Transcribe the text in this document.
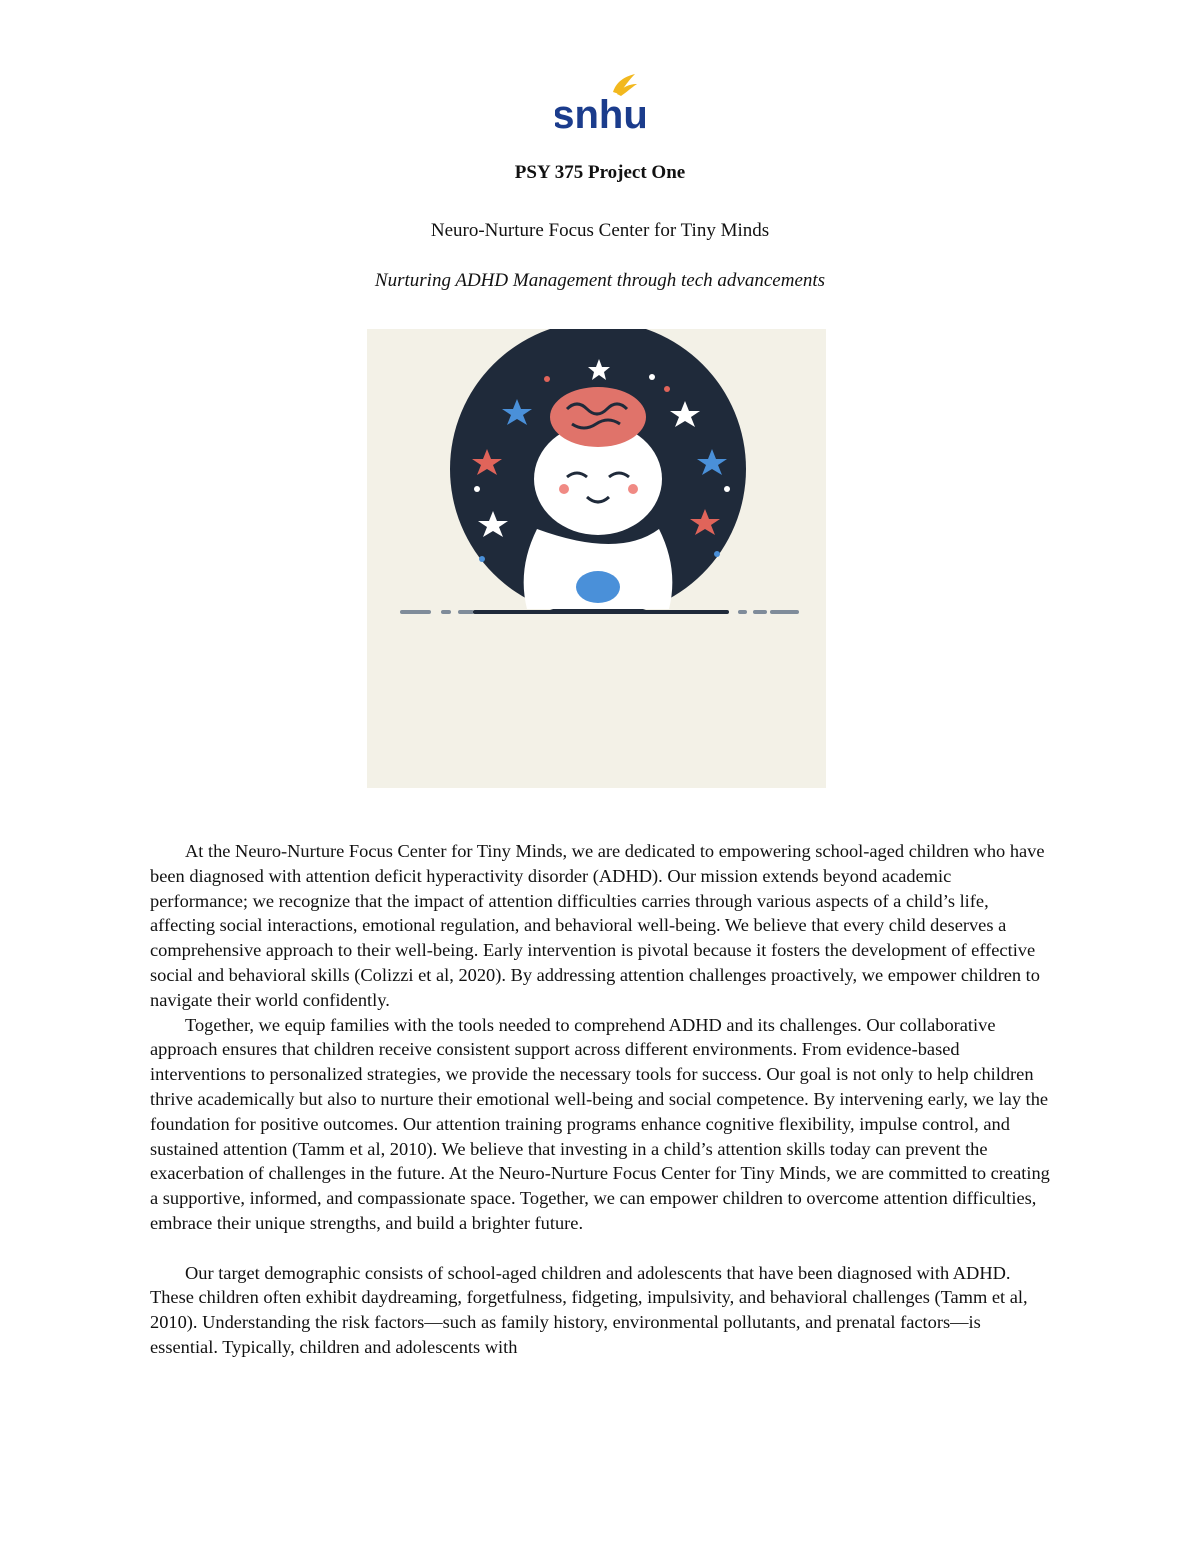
snhu
PSY 375 Project One
Neuro-Nurture Focus Center for Tiny Minds
Nurturing ADHD Management through tech advancements

At the Neuro-Nurture Focus Center for Tiny Minds, we are dedicated to empowering school-aged children who have been diagnosed with attention deficit hyperactivity disorder (ADHD). Our mission extends beyond academic performance; we recognize that the impact of attention difficulties carries through various aspects of a child’s life, affecting social interactions, emotional regulation, and behavioral well-being. We believe that every child deserves a comprehensive approach to their well-being. Early intervention is pivotal because it fosters the development of effective social and behavioral skills (Colizzi et al, 2020). By addressing attention challenges proactively, we empower children to navigate their world confidently.

Together, we equip families with the tools needed to comprehend ADHD and its challenges. Our collaborative approach ensures that children receive consistent support across different environments. From evidence-based interventions to personalized strategies, we provide the necessary tools for success. Our goal is not only to help children thrive academically but also to nurture their emotional well-being and social competence. By intervening early, we lay the foundation for positive outcomes. Our attention training programs enhance cognitive flexibility, impulse control, and sustained attention (Tamm et al, 2010). We believe that investing in a child’s attention skills today can prevent the exacerbation of challenges in the future. At the Neuro-Nurture Focus Center for Tiny Minds, we are committed to creating a supportive, informed, and compassionate space. Together, we can empower children to overcome attention difficulties, embrace their unique strengths, and build a brighter future.

Our target demographic consists of school-aged children and adolescents that have been diagnosed with ADHD. These children often exhibit daydreaming, forgetfulness, fidgeting, impulsivity, and behavioral challenges (Tamm et al, 2010). Understanding the risk factors—such as family history, environmental pollutants, and prenatal factors—is essential. Typically, children and adolescents with
